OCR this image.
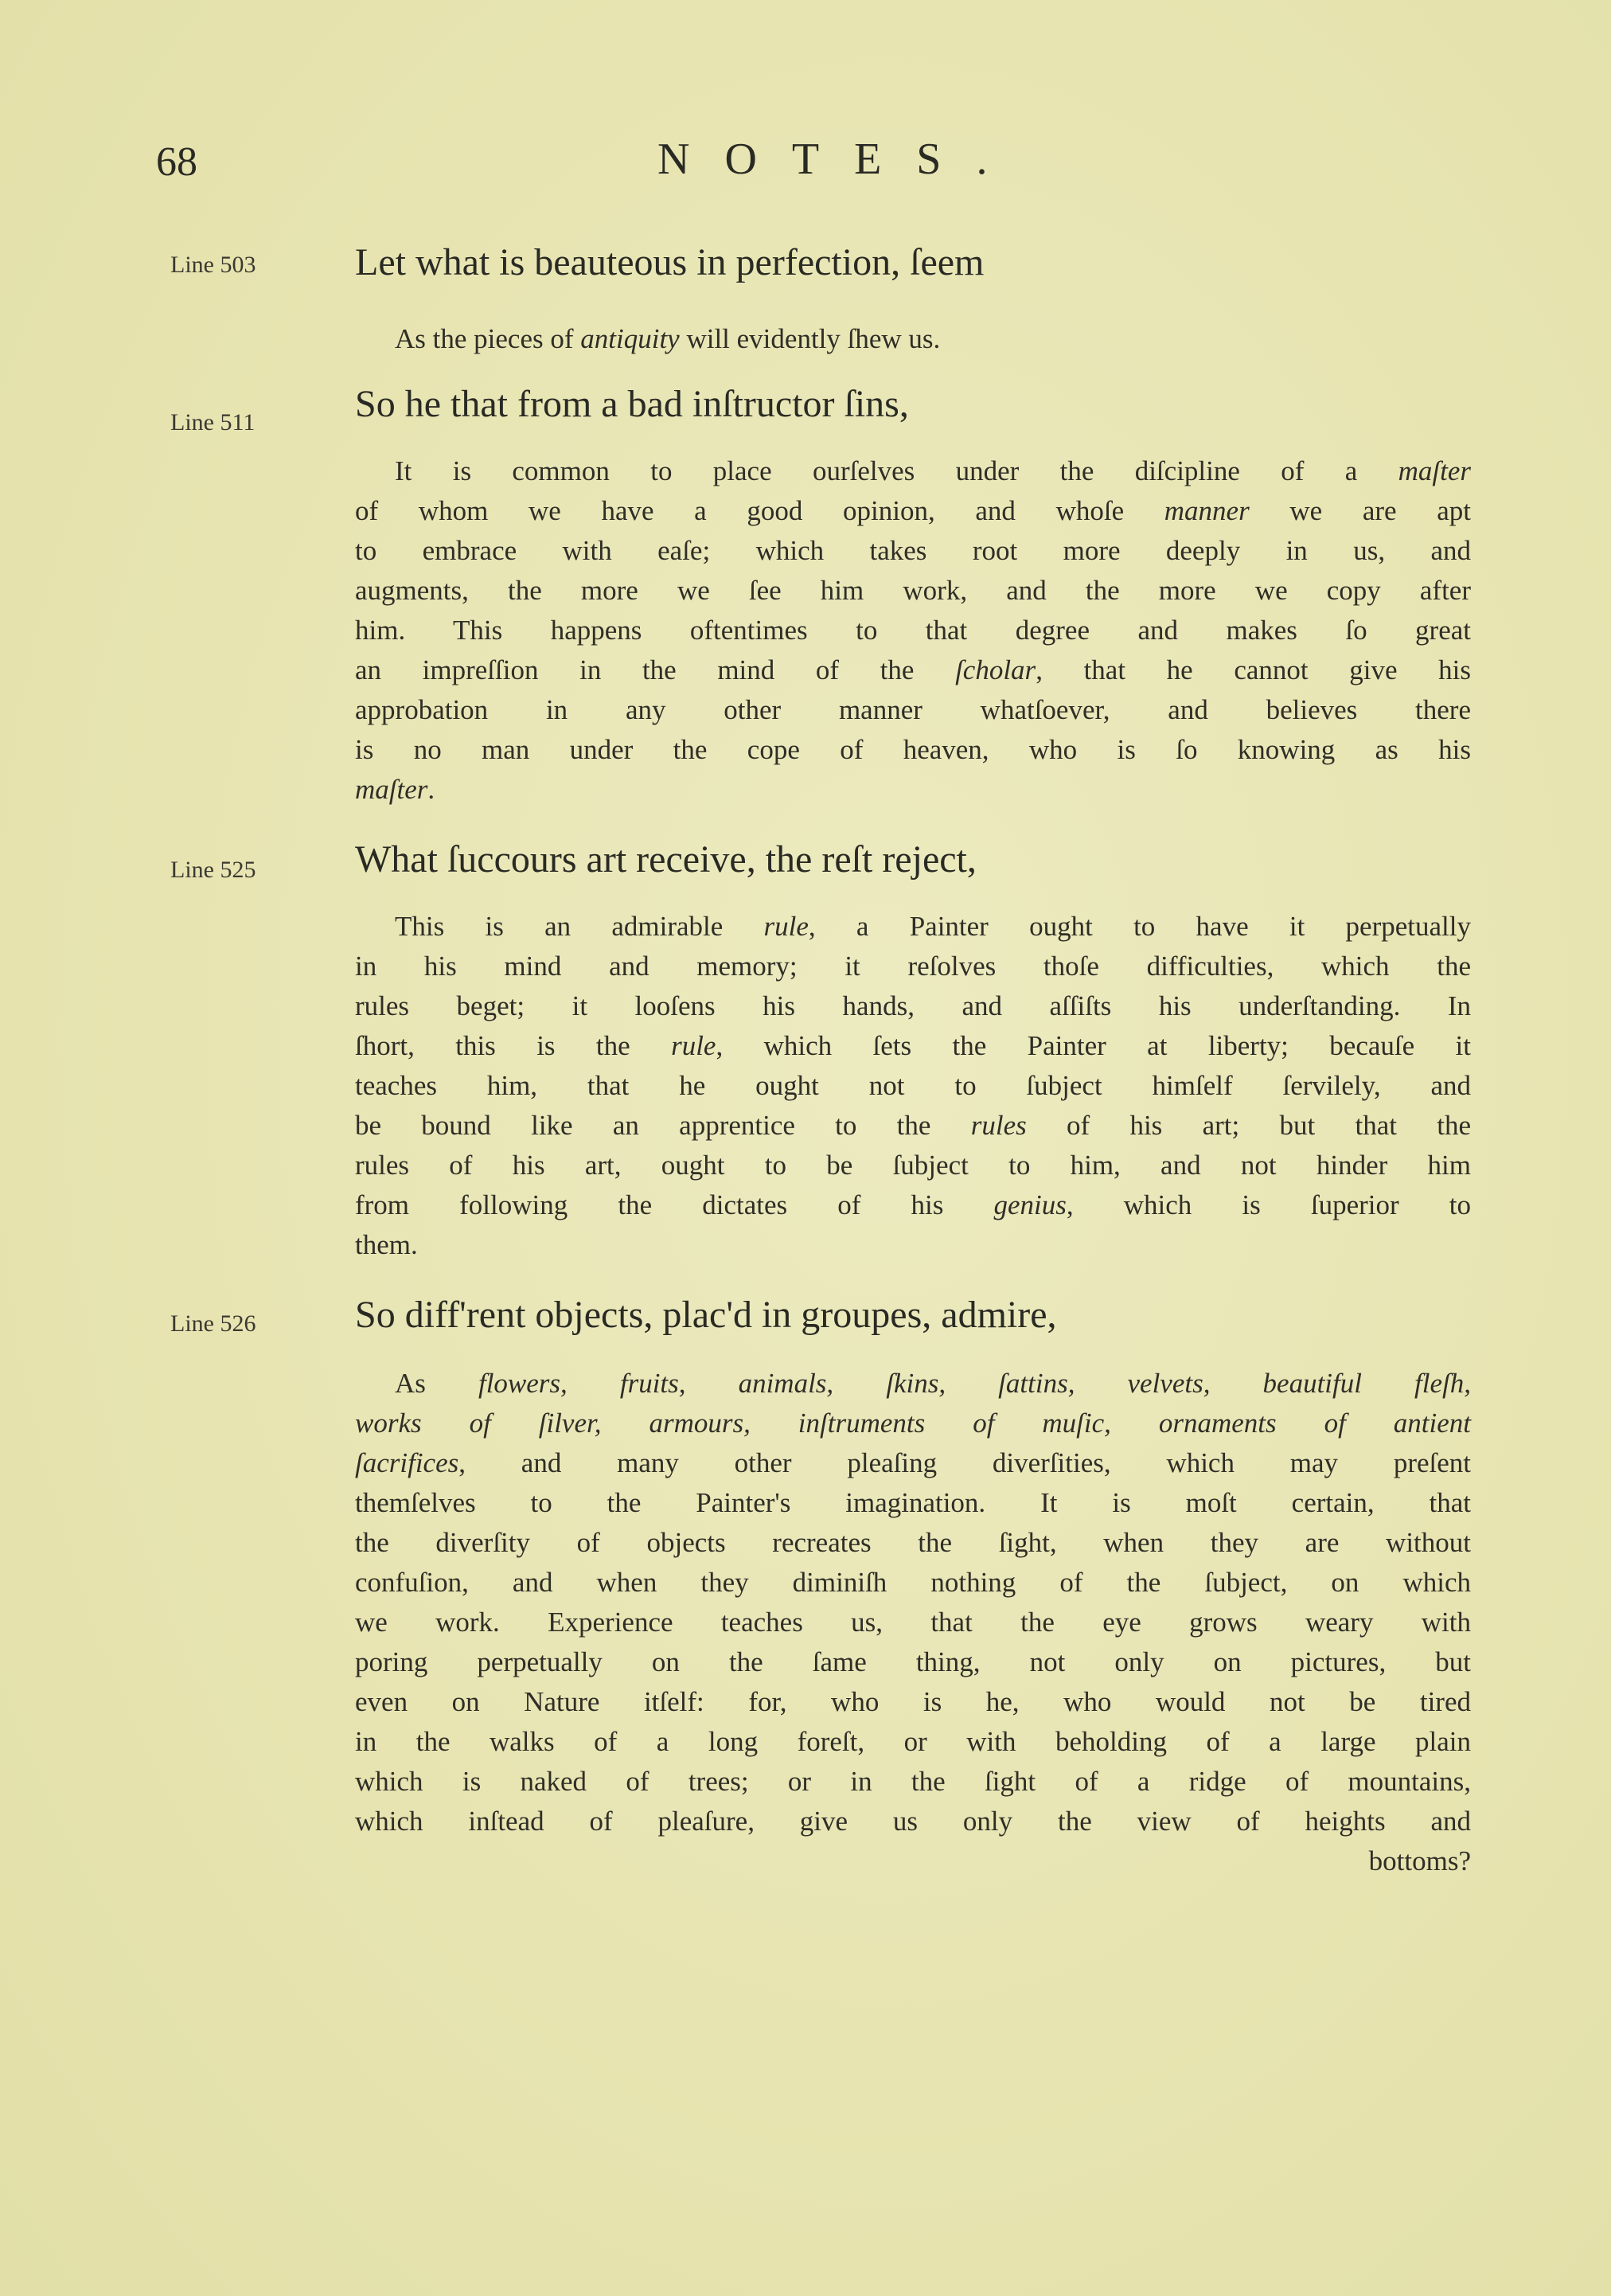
68	NOTES.
Line 503	Let what is beauteous in perfection, ſeem
As the pieces of antiquity will evidently ſhew us.
Line 511	So he that from a bad inſtructor ſins,
It is common to place ourſelves under the diſcipline of a maſter
of whom we have a good opinion, and whoſe manner we are apt
to embrace with eaſe; which takes root more deeply in us, and
augments, the more we ſee him work, and the more we copy after
him. This happens oftentimes to that degree and makes ſo great
an impreſſion in the mind of the ſcholar, that he cannot give his
approbation in any other manner whatſoever, and believes there
is no man under the cope of heaven, who is ſo knowing as his
maſter.
Line 525	What ſuccours art receive, the reſt reject,
This is an admirable rule, a Painter ought to have it perpetually
in his mind and memory; it reſolves thoſe difficulties, which the
rules beget; it looſens his hands, and aſſiſts his underſtanding. In
ſhort, this is the rule, which ſets the Painter at liberty; becauſe it
teaches him, that he ought not to ſubject himſelf ſervilely, and
be bound like an apprentice to the rules of his art; but that the
rules of his art, ought to be ſubject to him, and not hinder him
from following the dictates of his genius, which is ſuperior to
them.
Line 526	So diff'rent objects, plac'd in groupes, admire,
As flowers, fruits, animals, ſkins, ſattins, velvets, beautiful fleſh,
works of ſilver, armours, inſtruments of muſic, ornaments of antient
ſacrifices, and many other pleaſing diverſities, which may preſent
themſelves to the Painter's imagination. It is moſt certain, that
the diverſity of objects recreates the ſight, when they are without
confuſion, and when they diminiſh nothing of the ſubject, on which
we work. Experience teaches us, that the eye grows weary with
poring perpetually on the ſame thing, not only on pictures, but
even on Nature itſelf: for, who is he, who would not be tired
in the walks of a long foreſt, or with beholding of a large plain
which is naked of trees; or in the ſight of a ridge of mountains,
which inſtead of pleaſure, give us only the view of heights and
bottoms?
